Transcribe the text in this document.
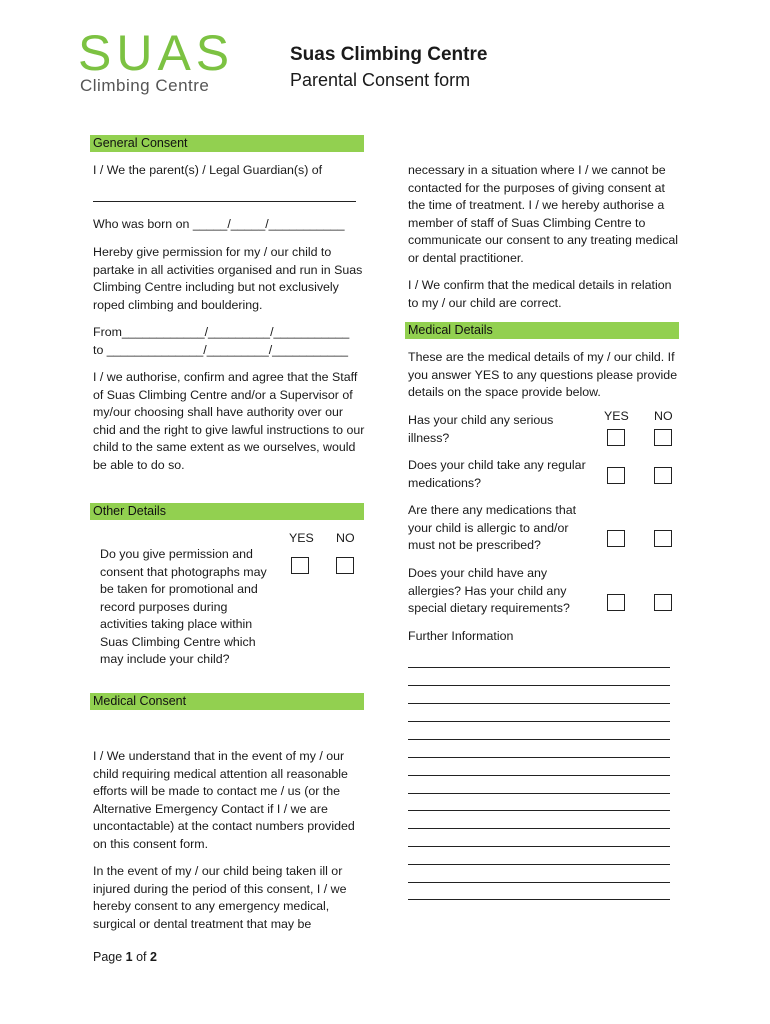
SUAS
Climbing Centre
Suas Climbing Centre
Parental Consent form
General Consent
I / We the parent(s) / Legal Guardian(s) of
Who was born on _____/_____/___________
Hereby give permission for my / our child to partake in all activities organised and run in Suas Climbing Centre including but not exclusively roped climbing and bouldering.
From____________/_________/___________
to ______________/_________/___________
I / we authorise, confirm and agree that the Staff of Suas Climbing Centre and/or a Supervisor of my/our choosing shall have authority over our chid and the right to give lawful instructions to our child to the same extent as we ourselves, would be able to do so.
Other Details
YES NO
Do you give permission and consent that photographs may be taken for promotional and record purposes during activities taking place within Suas Climbing Centre which may include your child?
Medical Consent
I / We understand that in the event of my / our child requiring medical attention all reasonable efforts will be made to contact me / us (or the Alternative Emergency Contact if I / we are uncontactable) at the contact numbers provided on this consent form.
In the event of my / our child being taken ill or injured during the period of this consent, I / we hereby consent to any emergency medical, surgical or dental treatment that may be
Page 1 of 2
necessary in a situation where I / we cannot be contacted for the purposes of giving consent at the time of treatment. I / we hereby authorise a member of staff of Suas Climbing Centre to communicate our consent to any treating medical or dental practitioner.
I / We confirm that the medical details in relation to my / our child are correct.
Medical Details
These are the medical details of my / our child. If you answer YES to any questions please provide details on the space provide below.
YES NO
Has your child any serious illness?
Does your child take any regular medications?
Are there any medications that your child is allergic to and/or must not be prescribed?
Does your child have any allergies? Has your child any special dietary requirements?
Further Information
